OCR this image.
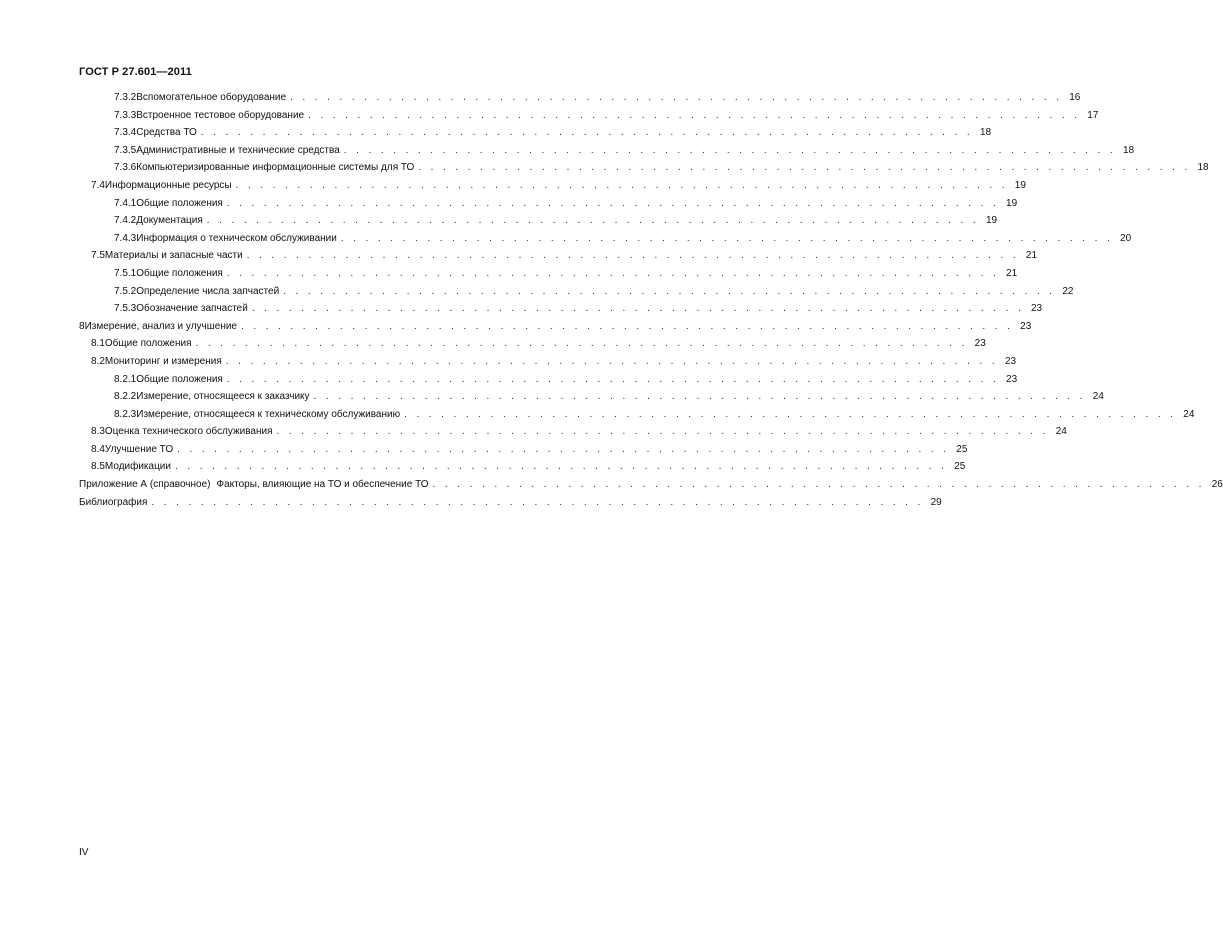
ГОСТ Р 27.601—2011
7.3.2 Вспомогательное оборудование . . . . . . . . . . . . . . . . . . . . . . . . . . . . . . . . . . . . . . . . . . . . . . . . . . . . . . . . . . . . . . . 16
7.3.3 Встроенное тестовое оборудование . . . . . . . . . . . . . . . . . . . . . . . . . . . . . . . . . . . . . . . . . . . . . . . . . . . . . . . . . . . . . . . 17
7.3.4 Средства ТО . . . . . . . . . . . . . . . . . . . . . . . . . . . . . . . . . . . . . . . . . . . . . . . . . . . . . . . . . . . . . . . 18
7.3.5 Административные и технические средства . . . . . . . . . . . . . . . . . . . . . . . . . . . . . . . . . . . . . . . . . . . . . . . . . . . . . . . . . . . . . . . 18
7.3.6 Компьютеризированные информационные системы для ТО . . . . . . . . . . . . . . . . . . . . . . . . . . . . . . . . . . . . . . . . . . . . . . . . . . . . . . . . . . . . . . . 18
7.4 Информационные ресурсы . . . . . . . . . . . . . . . . . . . . . . . . . . . . . . . . . . . . . . . . . . . . . . . . . . . . . . . . . . . . . . . 19
7.4.1 Общие положения . . . . . . . . . . . . . . . . . . . . . . . . . . . . . . . . . . . . . . . . . . . . . . . . . . . . . . . . . . . . . . . 19
7.4.2 Документация . . . . . . . . . . . . . . . . . . . . . . . . . . . . . . . . . . . . . . . . . . . . . . . . . . . . . . . . . . . . . . . 19
7.4.3 Информация о техническом обслуживании . . . . . . . . . . . . . . . . . . . . . . . . . . . . . . . . . . . . . . . . . . . . . . . . . . . . . . . . . . . . . . . 20
7.5 Материалы и запасные части . . . . . . . . . . . . . . . . . . . . . . . . . . . . . . . . . . . . . . . . . . . . . . . . . . . . . . . . . . . . . . . 21
7.5.1 Общие положения . . . . . . . . . . . . . . . . . . . . . . . . . . . . . . . . . . . . . . . . . . . . . . . . . . . . . . . . . . . . . . . 21
7.5.2 Определение числа запчастей . . . . . . . . . . . . . . . . . . . . . . . . . . . . . . . . . . . . . . . . . . . . . . . . . . . . . . . . . . . . . . . 22
7.5.3 Обозначение запчастей . . . . . . . . . . . . . . . . . . . . . . . . . . . . . . . . . . . . . . . . . . . . . . . . . . . . . . . . . . . . . . . 23
8 Измерение, анализ и улучшение . . . . . . . . . . . . . . . . . . . . . . . . . . . . . . . . . . . . . . . . . . . . . . . . . . . . . . . . . . . . . . . 23
8.1 Общие положения . . . . . . . . . . . . . . . . . . . . . . . . . . . . . . . . . . . . . . . . . . . . . . . . . . . . . . . . . . . . . . . 23
8.2 Мониторинг и измерения . . . . . . . . . . . . . . . . . . . . . . . . . . . . . . . . . . . . . . . . . . . . . . . . . . . . . . . . . . . . . . . 23
8.2.1 Общие положения . . . . . . . . . . . . . . . . . . . . . . . . . . . . . . . . . . . . . . . . . . . . . . . . . . . . . . . . . . . . . . . 23
8.2.2 Измерение, относящееся к заказчику . . . . . . . . . . . . . . . . . . . . . . . . . . . . . . . . . . . . . . . . . . . . . . . . . . . . . . . . . . . . . . . 24
8.2.3 Измерение, относящееся к техническому обслуживанию . . . . . . . . . . . . . . . . . . . . . . . . . . . . . . . . . . . . . . . . . . . . . . . . . . . . . . . . . . . . . . . 24
8.3 Оценка технического обслуживания . . . . . . . . . . . . . . . . . . . . . . . . . . . . . . . . . . . . . . . . . . . . . . . . . . . . . . . . . . . . . . . 24
8.4 Улучшение ТО . . . . . . . . . . . . . . . . . . . . . . . . . . . . . . . . . . . . . . . . . . . . . . . . . . . . . . . . . . . . . . . 25
8.5 Модификации . . . . . . . . . . . . . . . . . . . . . . . . . . . . . . . . . . . . . . . . . . . . . . . . . . . . . . . . . . . . . . . 25
Приложение А (справочное) Факторы, влияющие на ТО и обеспечение ТО . . . . . . . . . . . . . . . . . . . . . . . . . . . . . . . . . . . . . . . . . . . . . . . . . . . . . . . . . . . . . . . 26
Библиография . . . . . . . . . . . . . . . . . . . . . . . . . . . . . . . . . . . . . . . . . . . . . . . . . . . . . . . . . . . . . . . 29
IV
